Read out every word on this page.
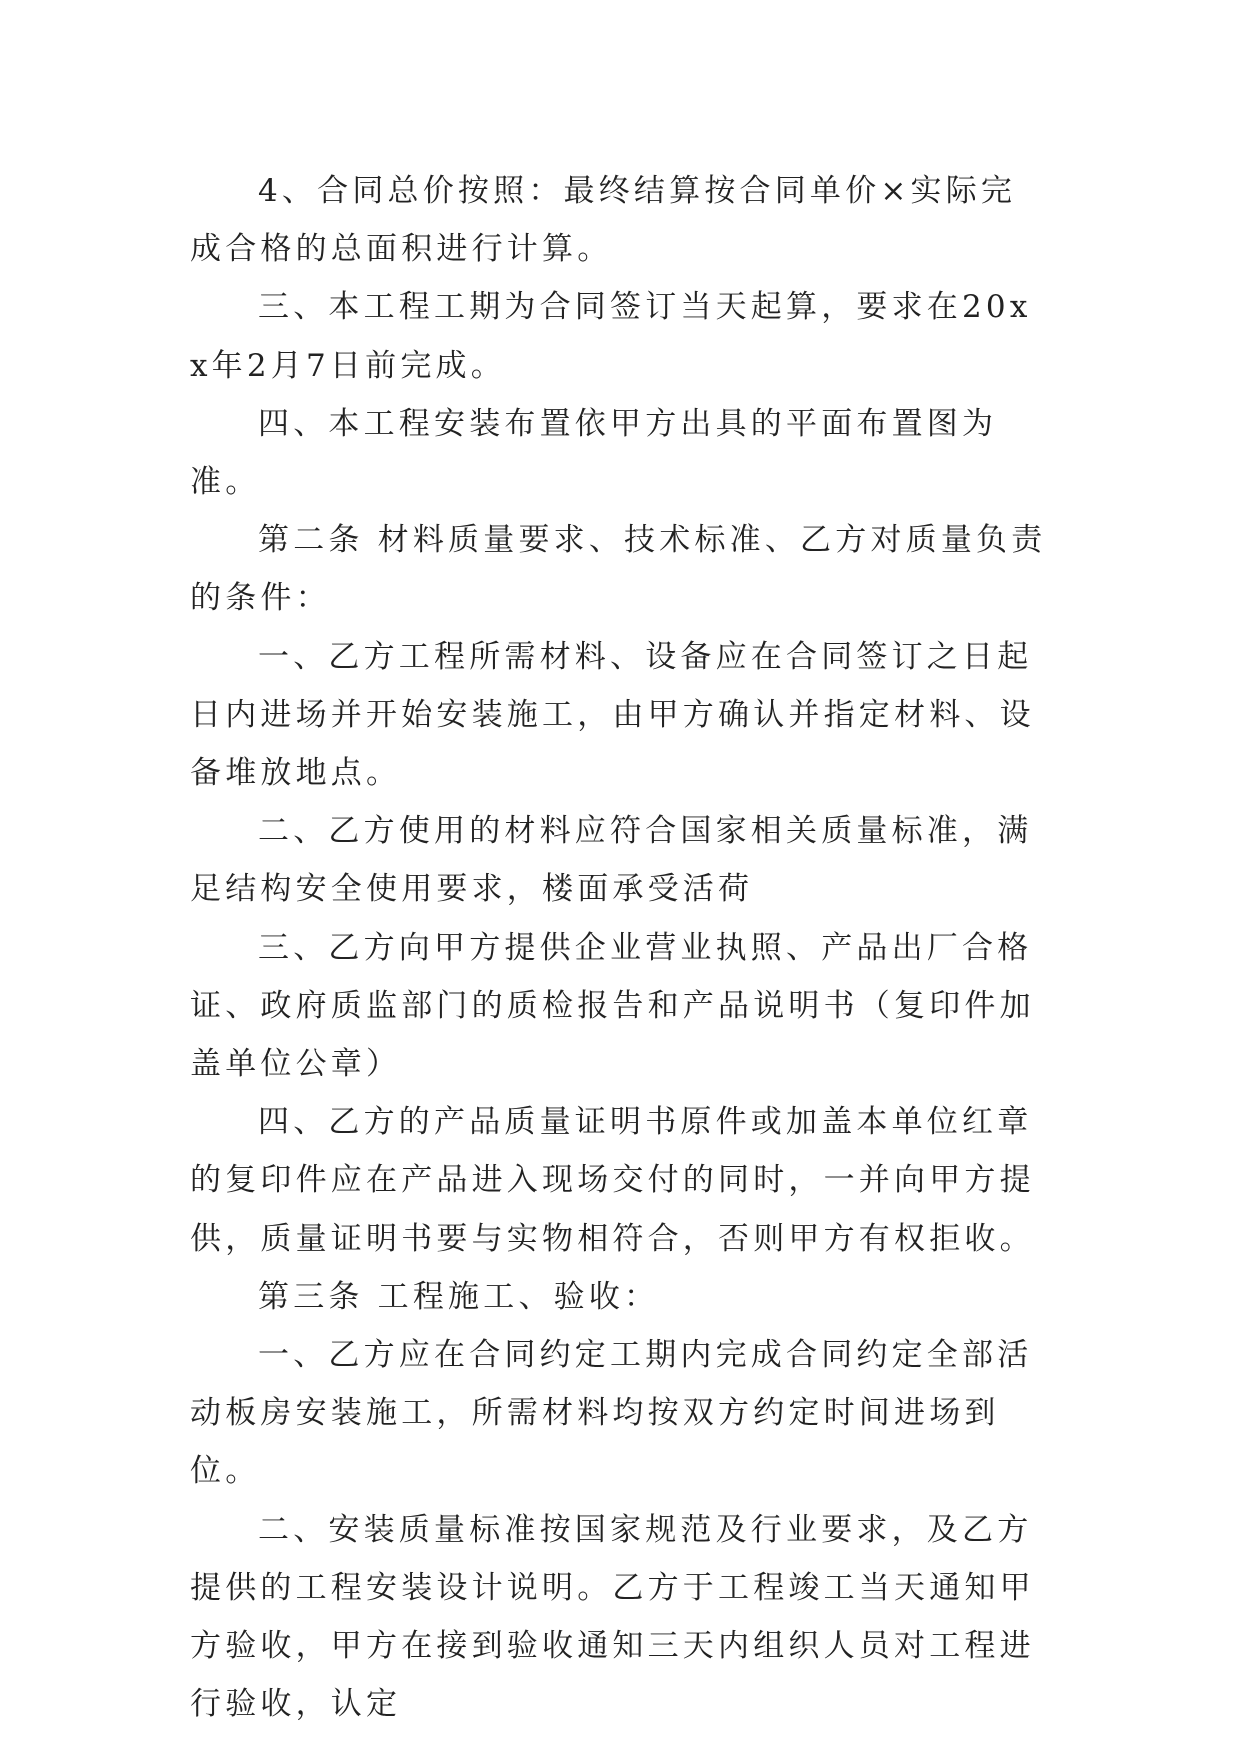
4、合同总价按照：最终结算按合同单价×实际完成合格的总面积进行计算。

三、本工程工期为合同签订当天起算，要求在20xx年2月7日前完成。

四、本工程安装布置依甲方出具的平面布置图为准。

第二条 材料质量要求、技术标准、乙方对质量负责的条件：

一、乙方工程所需材料、设备应在合同签订之日起日内进场并开始安装施工，由甲方确认并指定材料、设备堆放地点。

二、乙方使用的材料应符合国家相关质量标准，满足结构安全使用要求，楼面承受活荷

三、乙方向甲方提供企业营业执照、产品出厂合格证、政府质监部门的质检报告和产品说明书（复印件加盖单位公章）

四、乙方的产品质量证明书原件或加盖本单位红章的复印件应在产品进入现场交付的同时，一并向甲方提供，质量证明书要与实物相符合，否则甲方有权拒收。

第三条 工程施工、验收：

一、乙方应在合同约定工期内完成合同约定全部活动板房安装施工，所需材料均按双方约定时间进场到位。

二、安装质量标准按国家规范及行业要求，及乙方提供的工程安装设计说明。乙方于工程竣工当天通知甲方验收，甲方在接到验收通知三天内组织人员对工程进行验收，认定
